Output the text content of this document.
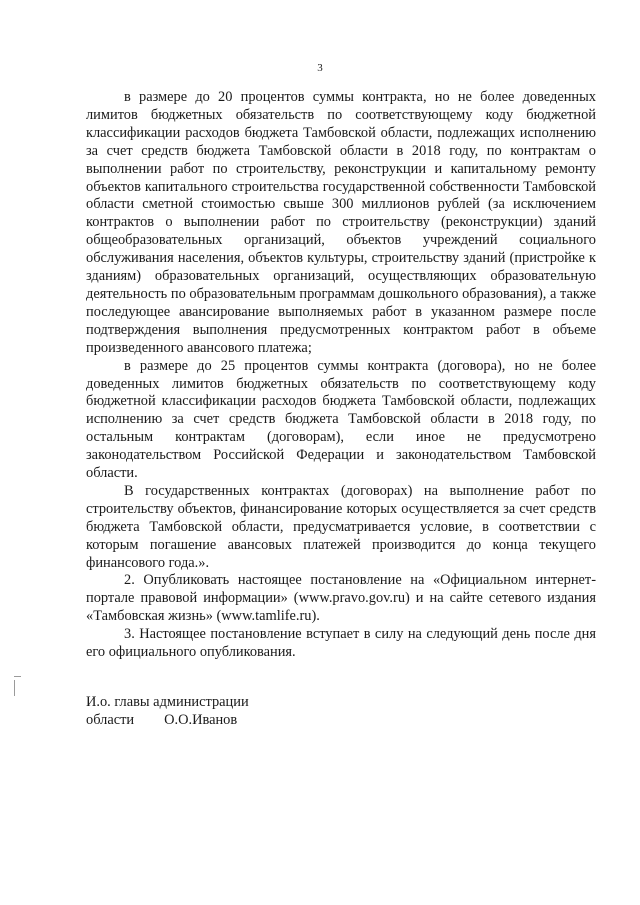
3

в размере до 20 процентов суммы контракта, но не более доведенных лимитов бюджетных обязательств по соответствующему коду бюджетной классификации расходов бюджета Тамбовской области, подлежащих исполнению за счет средств бюджета Тамбовской области в 2018 году, по контрактам о выполнении работ по строительству, реконструкции и капитальному ремонту объектов капитального строительства государственной собственности Тамбовской области сметной стоимостью свыше 300 миллионов рублей (за исключением контрактов о выполнении работ по строительству (реконструкции) зданий общеобразовательных организаций, объектов учреждений социального обслуживания населения, объектов культуры, строительству зданий (пристройке к зданиям) образовательных организаций, осуществляющих образовательную деятельность по образовательным программам дошкольного образования), а также последующее авансирование выполняемых работ в указанном размере после подтверждения выполнения предусмотренных контрактом работ в объеме произведенного авансового платежа;

в размере до 25 процентов суммы контракта (договора), но не более доведенных лимитов бюджетных обязательств по соответствующему коду бюджетной классификации расходов бюджета Тамбовской области, подлежащих исполнению за счет средств бюджета Тамбовской области в 2018 году, по остальным контрактам (договорам), если иное не предусмотрено законодательством Российской Федерации и законодательством Тамбовской области.

В государственных контрактах (договорах) на выполнение работ по строительству объектов, финансирование которых осуществляется за счет средств бюджета Тамбовской области, предусматривается условие, в соответствии с которым погашение авансовых платежей производится до конца текущего финансового года.».

2. Опубликовать настоящее постановление на «Официальном интернет-портале правовой информации» (www.pravo.gov.ru) и на сайте сетевого издания «Тамбовская жизнь» (www.tamlife.ru).

3. Настоящее постановление вступает в силу на следующий день после дня его официального опубликования.

И.о. главы администрации

области О.О.Иванов
